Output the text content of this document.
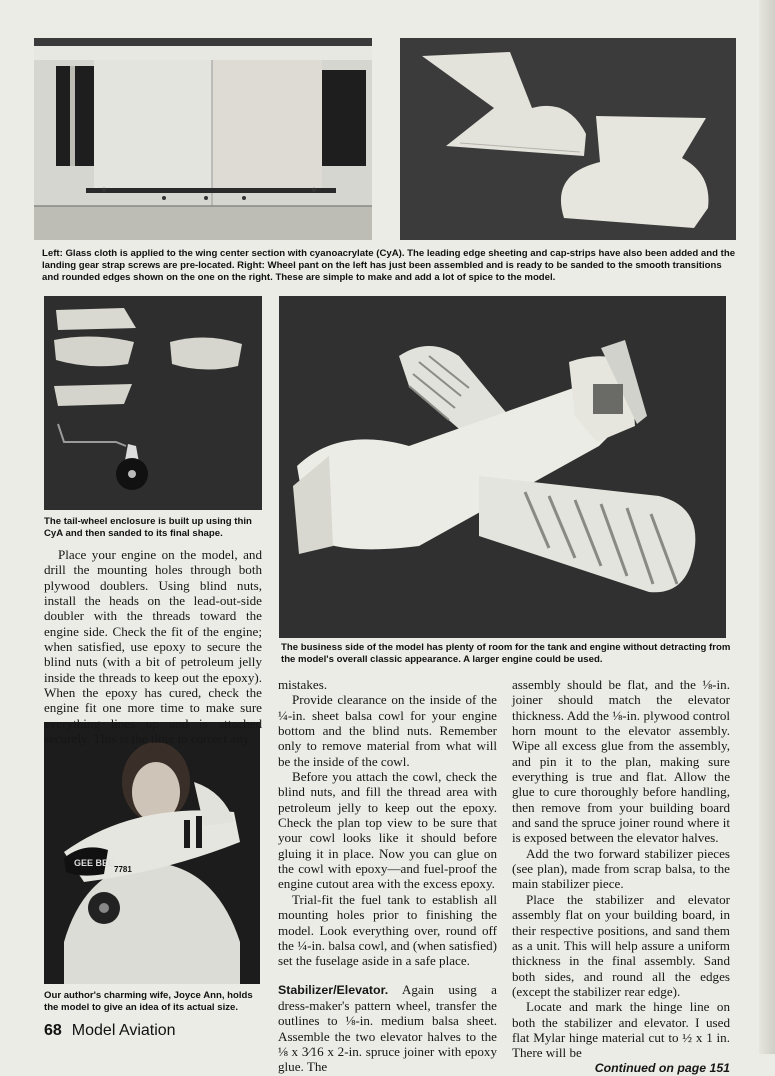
Left: Glass cloth is applied to the wing center section with cyanoacrylate (CyA). The leading edge sheeting and cap-strips have also been added and the landing gear strap screws are pre-located. Right: Wheel pant on the left has just been assembled and is ready to be sanded to the smooth transitions and rounded edges shown on the one on the right. These are simple to make and add a lot of spice to the model.

The tail-wheel enclosure is built up using thin CyA and then sanded to its final shape.

The business side of the model has plenty of room for the tank and engine without detracting from the model's overall classic appearance. A larger engine could be used.

GEE BEE
7781

Our author's charming wife, Joyce Ann, holds the model to give an idea of its actual size.

Place your engine on the model, and drill the mounting holes through both plywood doublers. Using blind nuts, install the heads on the lead-out-side doubler with the threads toward the engine side. Check the fit of the engine; when satisfied, use epoxy to secure the blind nuts (with a bit of petroleum jelly inside the threads to keep out the epoxy). When the epoxy has cured, check the engine fit one more time to make sure everything lines up and is attached securely. This is the time to correct any

mistakes.

Provide clearance on the inside of the ¼-in. sheet balsa cowl for your engine bottom and the blind nuts. Remember only to remove material from what will be the inside of the cowl.

Before you attach the cowl, check the blind nuts, and fill the thread area with petroleum jelly to keep out the epoxy. Check the plan top view to be sure that your cowl looks like it should before gluing it in place. Now you can glue on the cowl with epoxy—and fuel-proof the engine cutout area with the excess epoxy.

Trial-fit the fuel tank to establish all mounting holes prior to finishing the model. Look everything over, round off the ¼-in. balsa cowl, and (when satisfied) set the fuselage aside in a safe place.

Stabilizer/Elevator. Again using a dress-maker's pattern wheel, transfer the outlines to ⅛-in. medium balsa sheet. Assemble the two elevator halves to the ⅛ x 3⁄16 x 2-in. spruce joiner with epoxy glue. The

assembly should be flat, and the ⅛-in. joiner should match the elevator thickness. Add the ⅛-in. plywood control horn mount to the elevator assembly. Wipe all excess glue from the assembly, and pin it to the plan, making sure everything is true and flat. Allow the glue to cure thoroughly before handling, then remove from your building board and sand the spruce joiner round where it is exposed between the elevator halves.

Add the two forward stabilizer pieces (see plan), made from scrap balsa, to the main stabilizer piece.

Place the stabilizer and elevator assembly flat on your building board, in their respective positions, and sand them as a unit. This will help assure a uniform thickness in the final assembly. Sand both sides, and round all the edges (except the stabilizer rear edge).

Locate and mark the hinge line on both the stabilizer and elevator. I used flat Mylar hinge material cut to ½ x 1 in. There will be

Continued on page 151

68 Model Aviation
